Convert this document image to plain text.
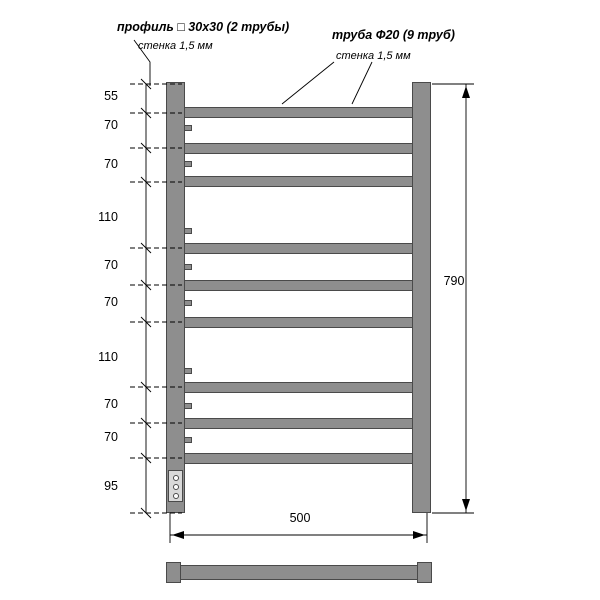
профиль □ 30х30 (2 трубы)
стенка 1,5 мм
труба Ф20 (9 труб)
стенка 1,5 мм
55
70
70
110
70
70
110
70
70
95
790
500
